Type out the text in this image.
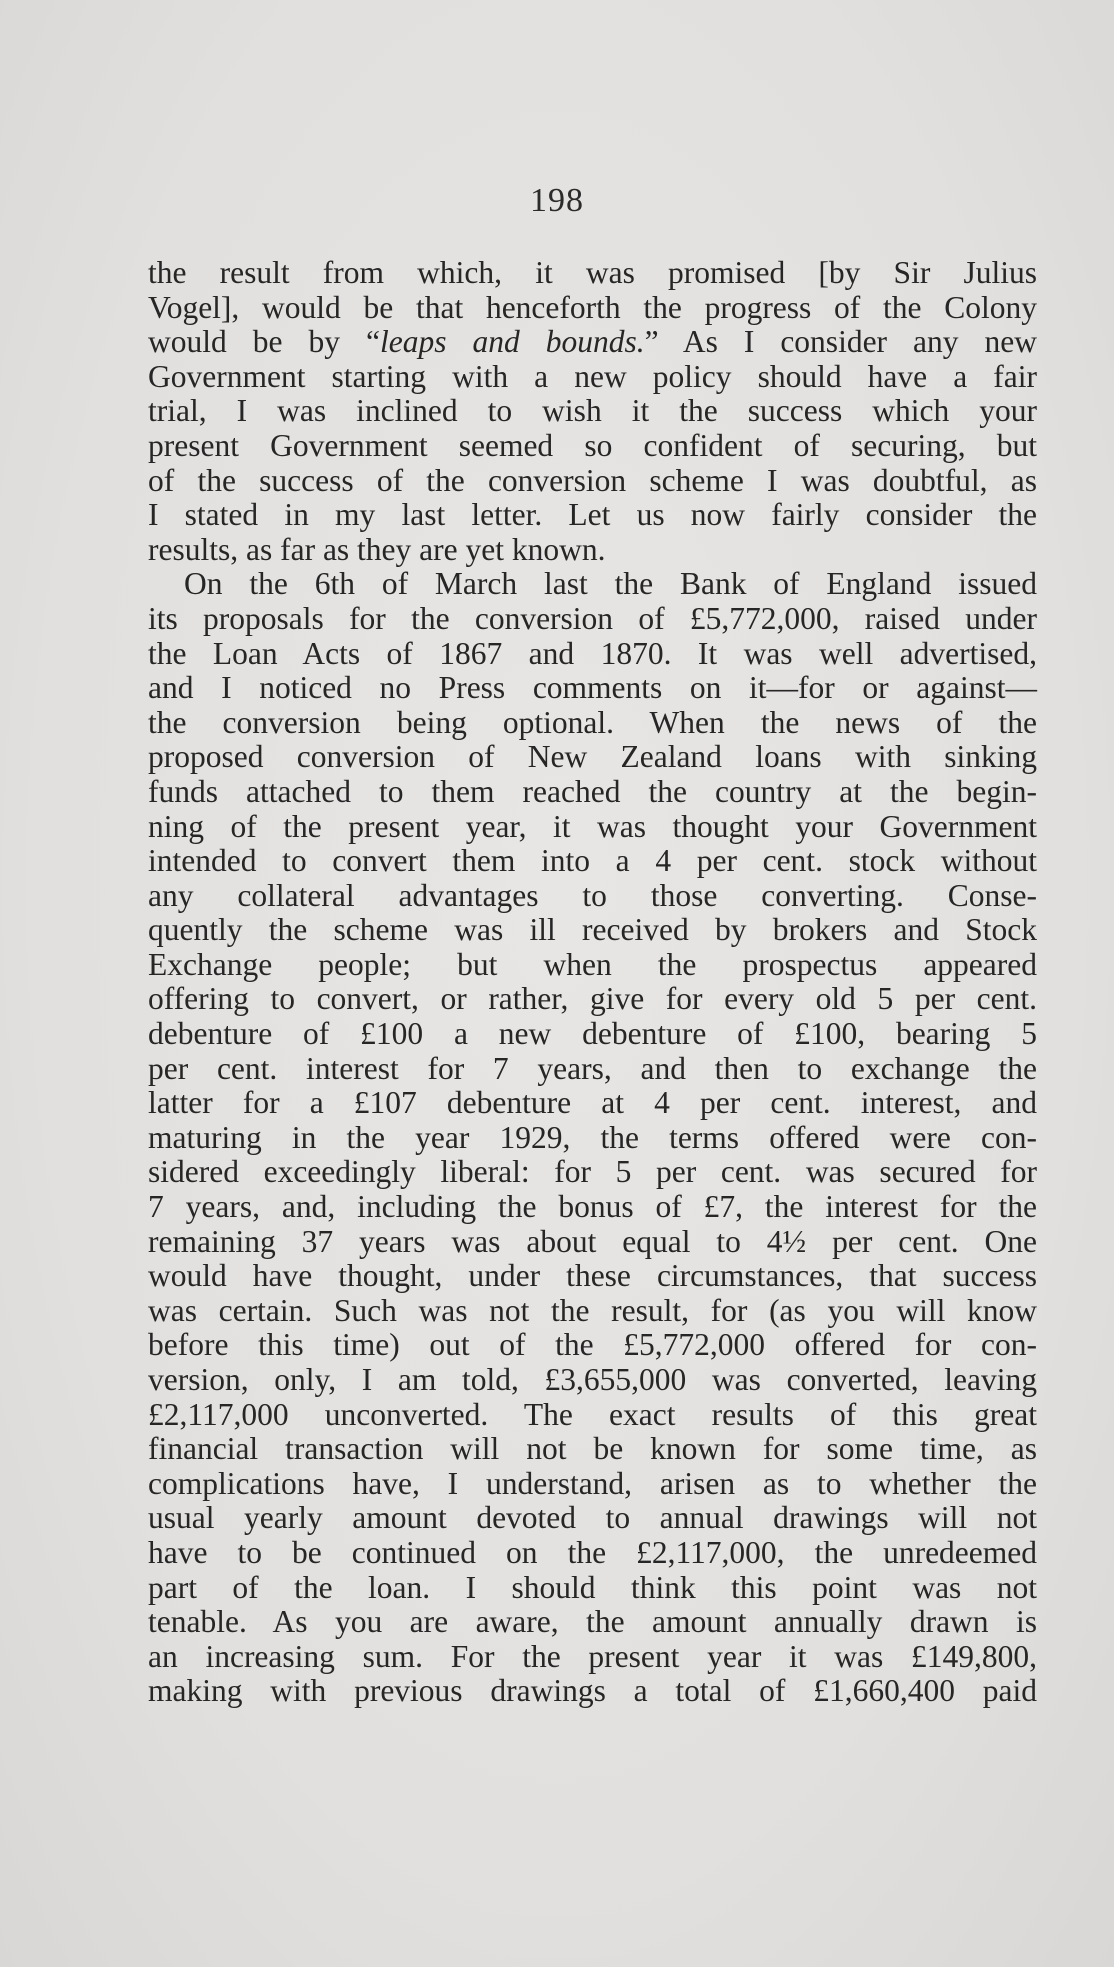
198
the result from which, it was promised [by Sir Julius
Vogel], would be that henceforth the progress of the Colony
would be by “leaps and bounds.” As I consider any new
Government starting with a new policy should have a fair
trial, I was inclined to wish it the success which your
present Government seemed so confident of securing, but
of the success of the conversion scheme I was doubtful, as
I stated in my last letter. Let us now fairly consider the
results, as far as they are yet known.
On the 6th of March last the Bank of England issued
its proposals for the conversion of £5,772,000, raised under
the Loan Acts of 1867 and 1870. It was well advertised,
and I noticed no Press comments on it—for or against—
the conversion being optional. When the news of the
proposed conversion of New Zealand loans with sinking
funds attached to them reached the country at the begin-
ning of the present year, it was thought your Government
intended to convert them into a 4 per cent. stock without
any collateral advantages to those converting. Conse-
quently the scheme was ill received by brokers and Stock
Exchange people; but when the prospectus appeared
offering to convert, or rather, give for every old 5 per cent.
debenture of £100 a new debenture of £100, bearing 5
per cent. interest for 7 years, and then to exchange the
latter for a £107 debenture at 4 per cent. interest, and
maturing in the year 1929, the terms offered were con-
sidered exceedingly liberal: for 5 per cent. was secured for
7 years, and, including the bonus of £7, the interest for the
remaining 37 years was about equal to 4½ per cent. One
would have thought, under these circumstances, that success
was certain. Such was not the result, for (as you will know
before this time) out of the £5,772,000 offered for con-
version, only, I am told, £3,655,000 was converted, leaving
£2,117,000 unconverted. The exact results of this great
financial transaction will not be known for some time, as
complications have, I understand, arisen as to whether the
usual yearly amount devoted to annual drawings will not
have to be continued on the £2,117,000, the unredeemed
part of the loan. I should think this point was not
tenable. As you are aware, the amount annually drawn is
an increasing sum. For the present year it was £149,800,
making with previous drawings a total of £1,660,400 paid
